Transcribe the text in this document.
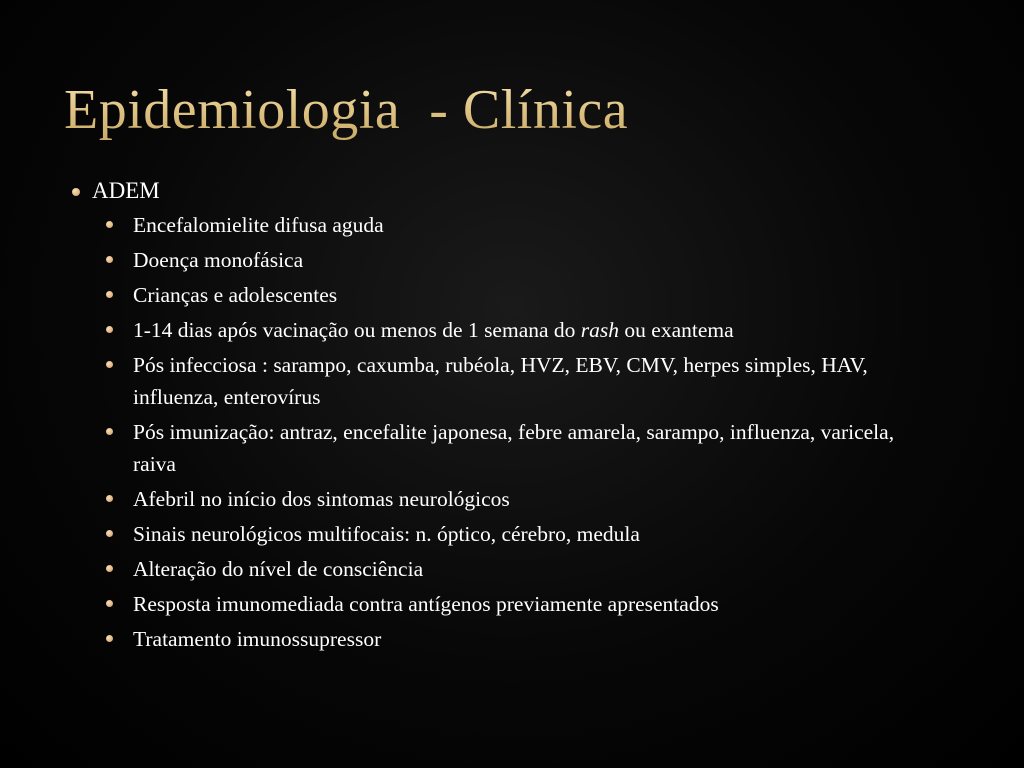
Epidemiologia  - Clínica
ADEM
Encefalomielite difusa aguda
Doença monofásica
Crianças e adolescentes
1-14 dias após vacinação ou menos de 1 semana do rash ou exantema
Pós infecciosa : sarampo, caxumba, rubéola, HVZ, EBV, CMV, herpes simples, HAV, influenza, enterovírus
Pós imunização: antraz, encefalite japonesa, febre amarela, sarampo, influenza, varicela, raiva
Afebril no início dos sintomas neurológicos
Sinais neurológicos multifocais: n. óptico, cérebro, medula
Alteração do nível de consciência
Resposta imunomediada contra antígenos previamente apresentados
Tratamento imunossupressor
